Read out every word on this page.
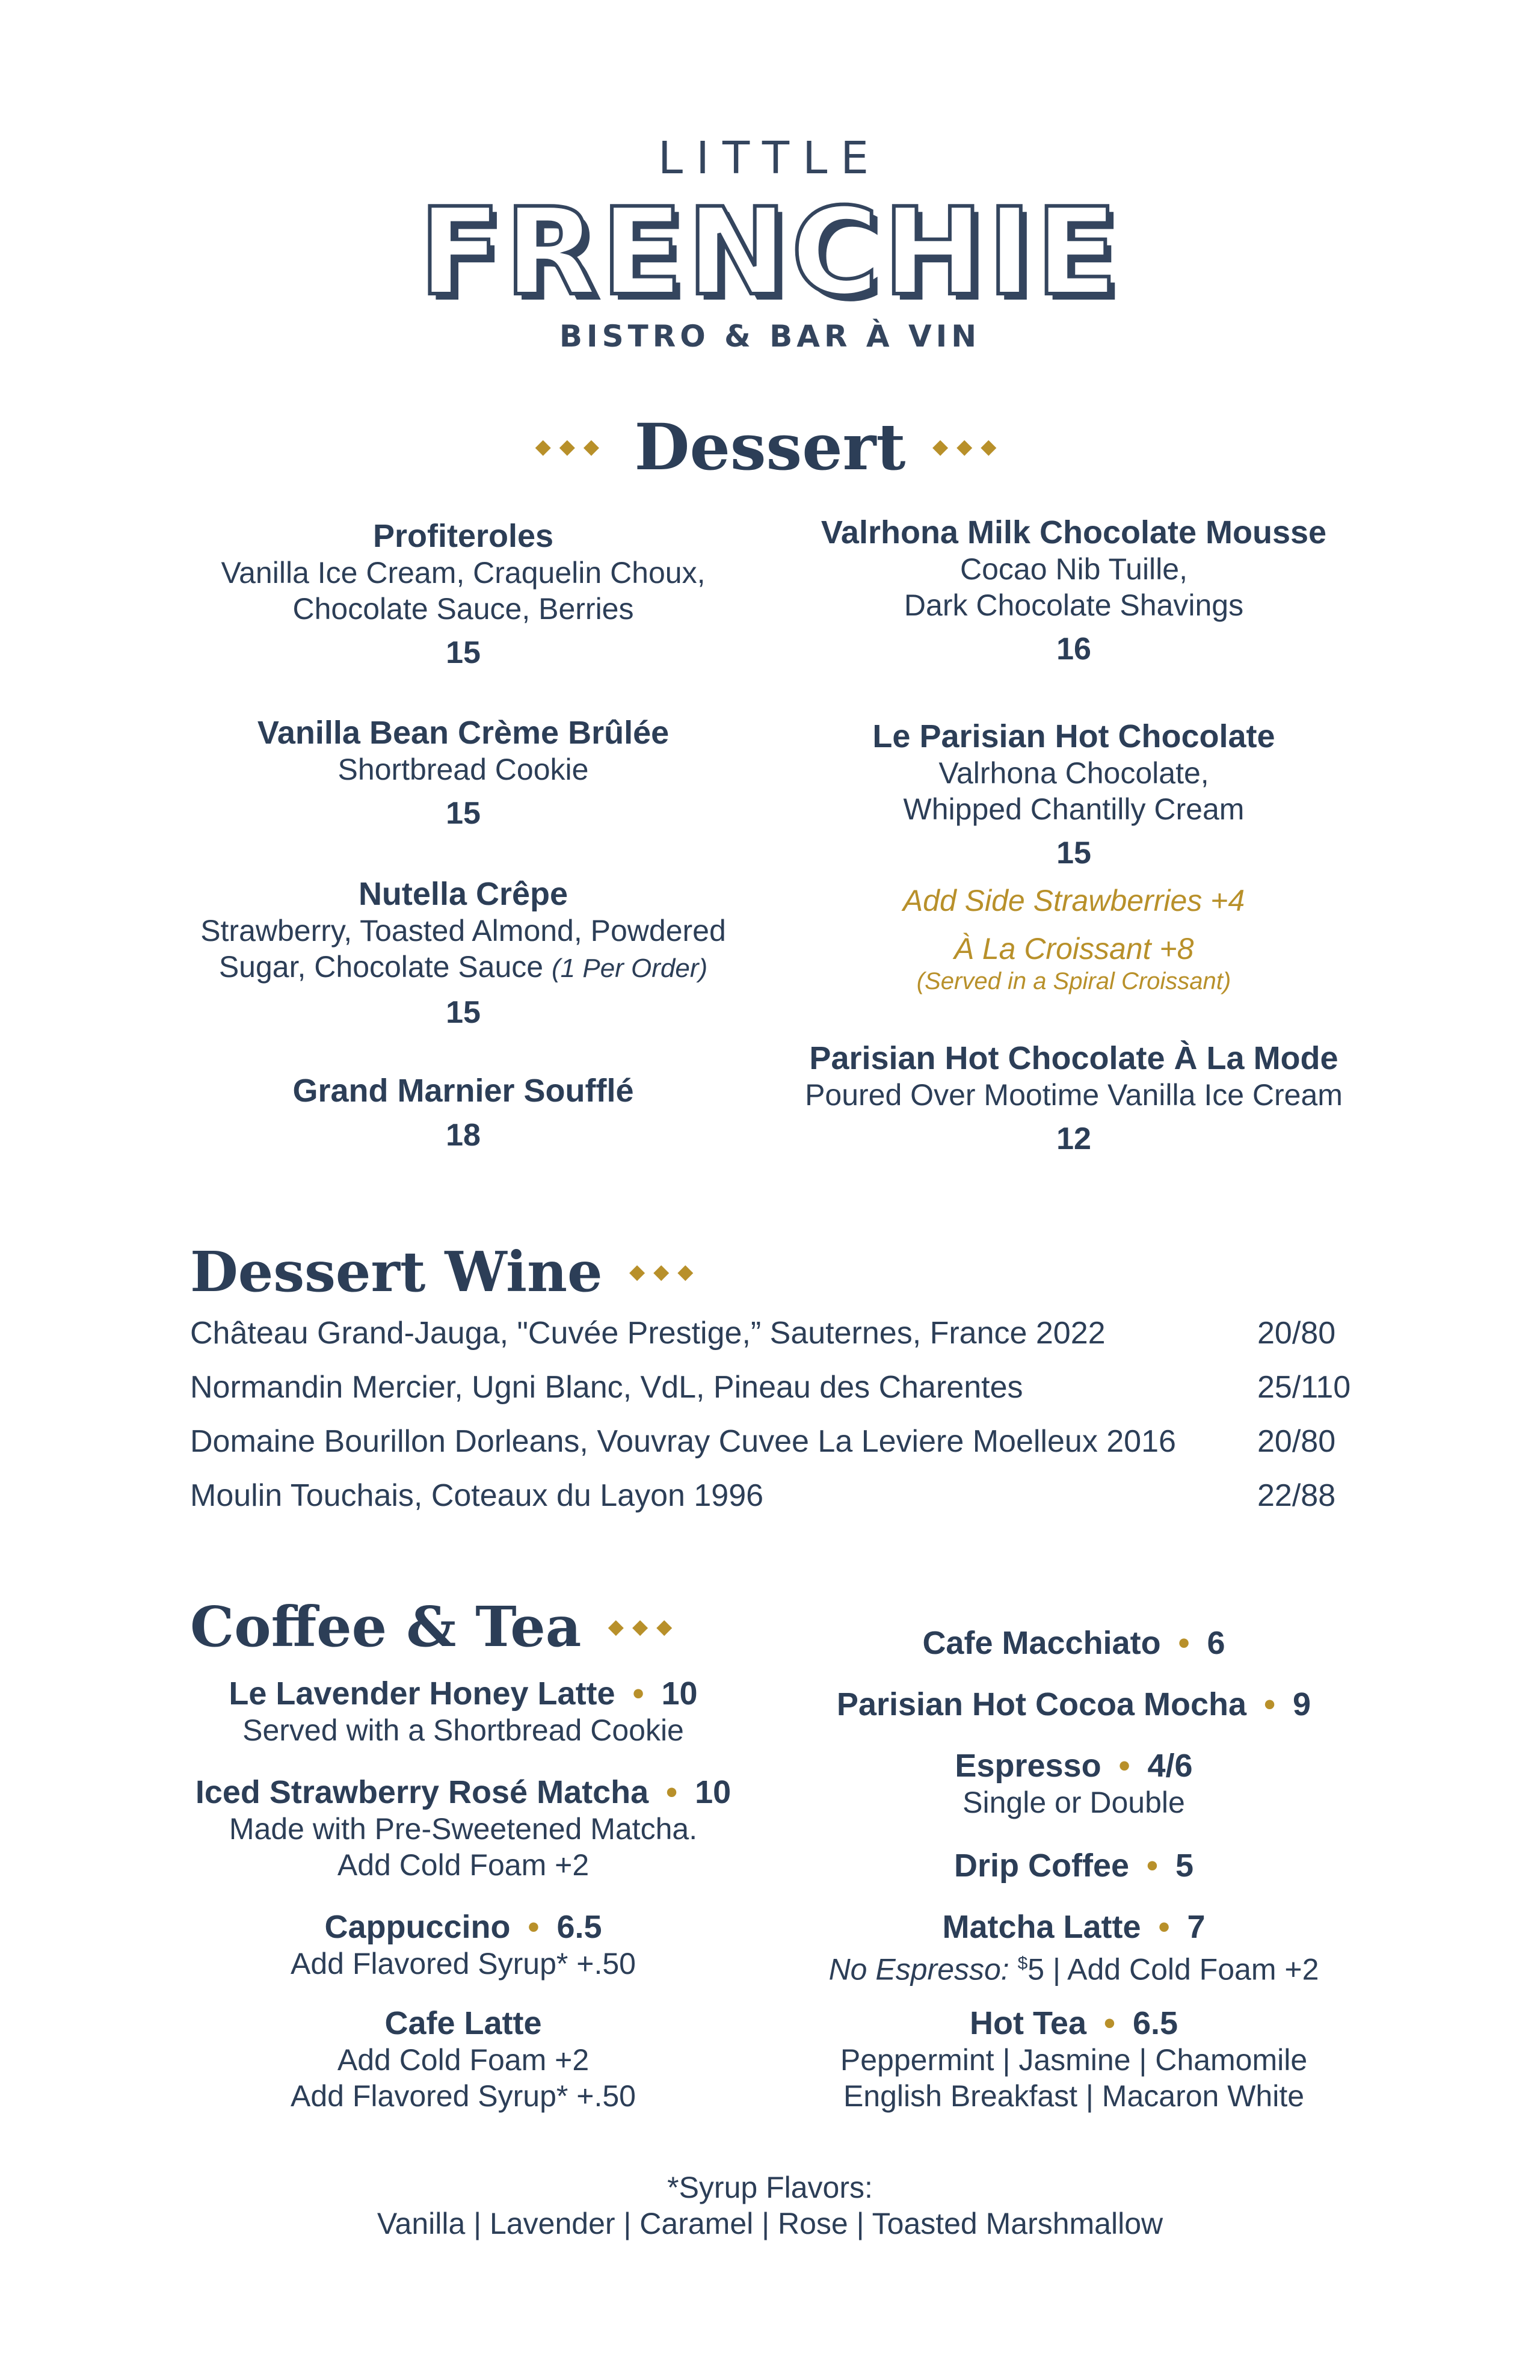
LITTLE
FRENCHIE
BISTRO & BAR À VIN
◆◆◆ Dessert ◆◆◆
Profiteroles
Vanilla Ice Cream, Craquelin Choux,
Chocolate Sauce, Berries
15
Vanilla Bean Crème Brûlée
Shortbread Cookie
15
Nutella Crêpe
Strawberry, Toasted Almond, Powdered
Sugar, Chocolate Sauce (1 Per Order)
15
Grand Marnier Soufflé
18
Valrhona Milk Chocolate Mousse
Cocao Nib Tuille,
Dark Chocolate Shavings
16
Le Parisian Hot Chocolate
Valrhona Chocolate,
Whipped Chantilly Cream
15
Add Side Strawberries +4
À La Croissant +8
(Served in a Spiral Croissant)
Parisian Hot Chocolate À La Mode
Poured Over Mootime Vanilla Ice Cream
12
Dessert Wine ◆◆◆
Château Grand-Jauga, "Cuvée Prestige,” Sauternes, France 2022	20/80
Normandin Mercier, Ugni Blanc, VdL, Pineau des Charentes	25/110
Domaine Bourillon Dorleans, Vouvray Cuvee La Leviere Moelleux 2016	20/80
Moulin Touchais, Coteaux du Layon 1996	22/88
Coffee & Tea ◆◆◆
Le Lavender Honey Latte • 10
Served with a Shortbread Cookie
Iced Strawberry Rosé Matcha • 10
Made with Pre-Sweetened Matcha.
Add Cold Foam +2
Cappuccino • 6.5
Add Flavored Syrup* +.50
Cafe Latte
Add Cold Foam +2
Add Flavored Syrup* +.50
Cafe Macchiato • 6
Parisian Hot Cocoa Mocha • 9
Espresso • 4/6
Single or Double
Drip Coffee • 5
Matcha Latte • 7
No Espresso: $5 | Add Cold Foam +2
Hot Tea • 6.5
Peppermint | Jasmine | Chamomile
English Breakfast | Macaron White
*Syrup Flavors:
Vanilla | Lavender | Caramel | Rose | Toasted Marshmallow
